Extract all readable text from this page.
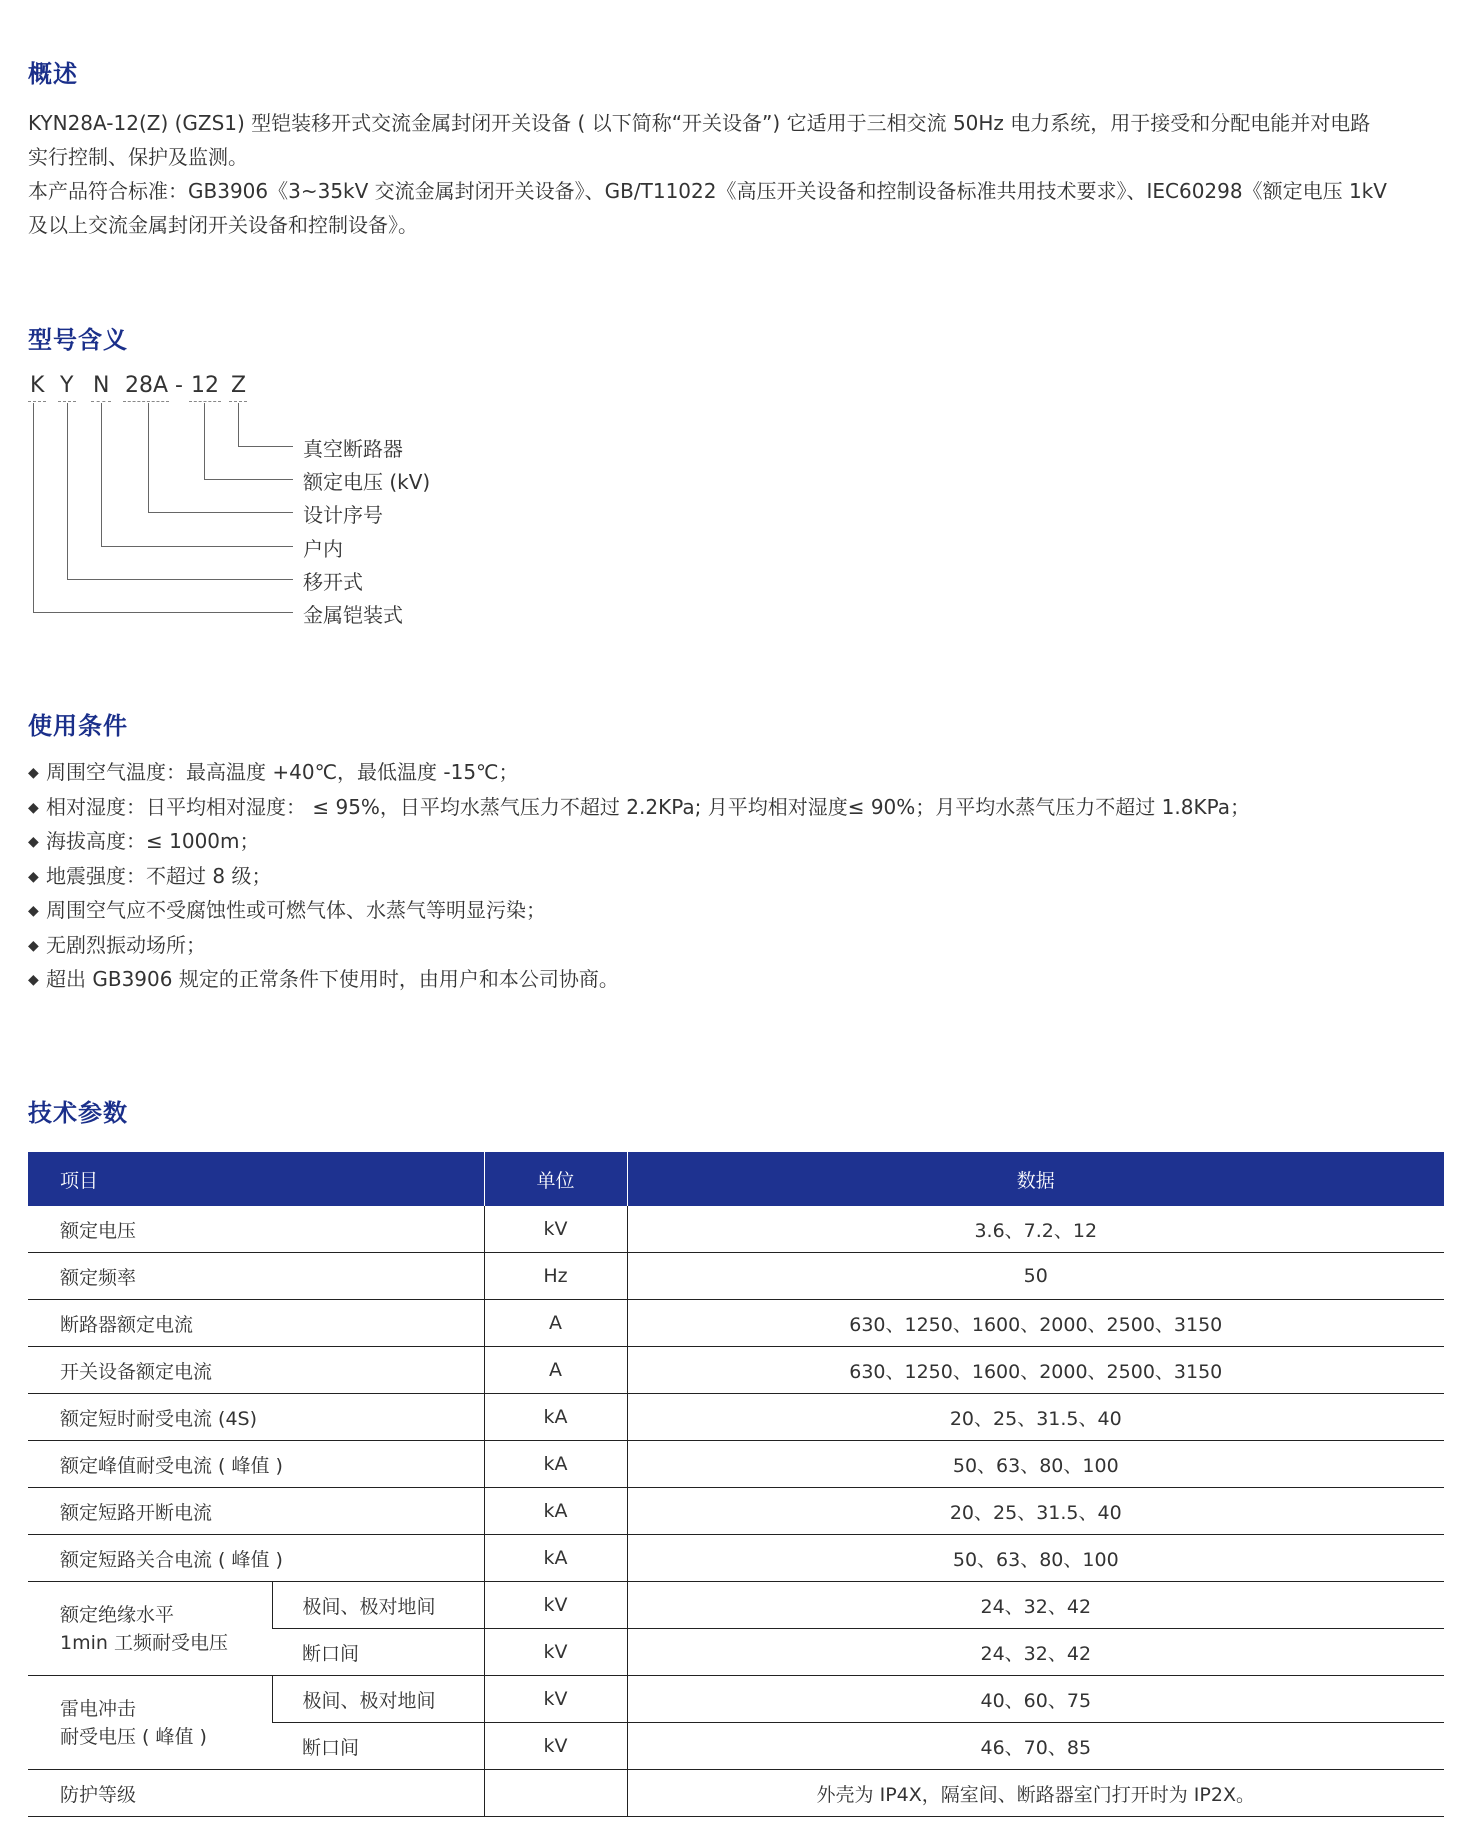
概述

KYN28A-12(Z) (GZS1) 型铠装移开式交流金属封闭开关设备 ( 以下简称“开关设备”) 它适用于三相交流 50Hz 电力系统，用于接受和分配电能并对电路

实行控制、保护及监测。

本产品符合标准：GB3906《3~35kV 交流金属封闭开关设备》、GB/T11022《高压开关设备和控制设备标准共用技术要求》、IEC60298《额定电压 1kV

及以上交流金属封闭开关设备和控制设备》。

型号含义
K Y N 28A - 12 Z
真空断路器
额定电压 (kV)
设计序号
户内
移开式
金属铠装式
使用条件
◆ 周围空气温度：最高温度 +40℃，最低温度 -15℃；
◆ 相对湿度：日平均相对湿度： ≤ 95%，日平均水蒸气压力不超过 2.2KPa; 月平均相对湿度≤ 90%；月平均水蒸气压力不超过 1.8KPa；
◆ 海拔高度：≤ 1000m；
◆ 地震强度：不超过 8 级；
◆ 周围空气应不受腐蚀性或可燃气体、水蒸气等明显污染；
◆ 无剧烈振动场所；
◆ 超出 GB3906 规定的正常条件下使用时，由用户和本公司协商。
技术参数
项目		单位	数据
额定电压		kV	3.6、7.2、12
额定频率		Hz	50
断路器额定电流		A	630、1250、1600、2000、2500、3150
开关设备额定电流		A	630、1250、1600、2000、2500、3150
额定短时耐受电流 (4S)		kA	20、25、31.5、40
额定峰值耐受电流 ( 峰值 )		kA	50、63、80、100
额定短路开断电流		kA	20、25、31.5、40
额定短路关合电流 ( 峰值 )		kA	50、63、80、100
额定绝缘水平
1min 工频耐受电压	极间、极对地间	kV	24、32、42
	断口间	kV	24、32、42
雷电冲击
耐受电压 ( 峰值 )	极间、极对地间	kV	40、60、75
	断口间	kV	46、70、85
防护等级			外壳为 IP4X，隔室间、断路器室门打开时为 IP2X。
